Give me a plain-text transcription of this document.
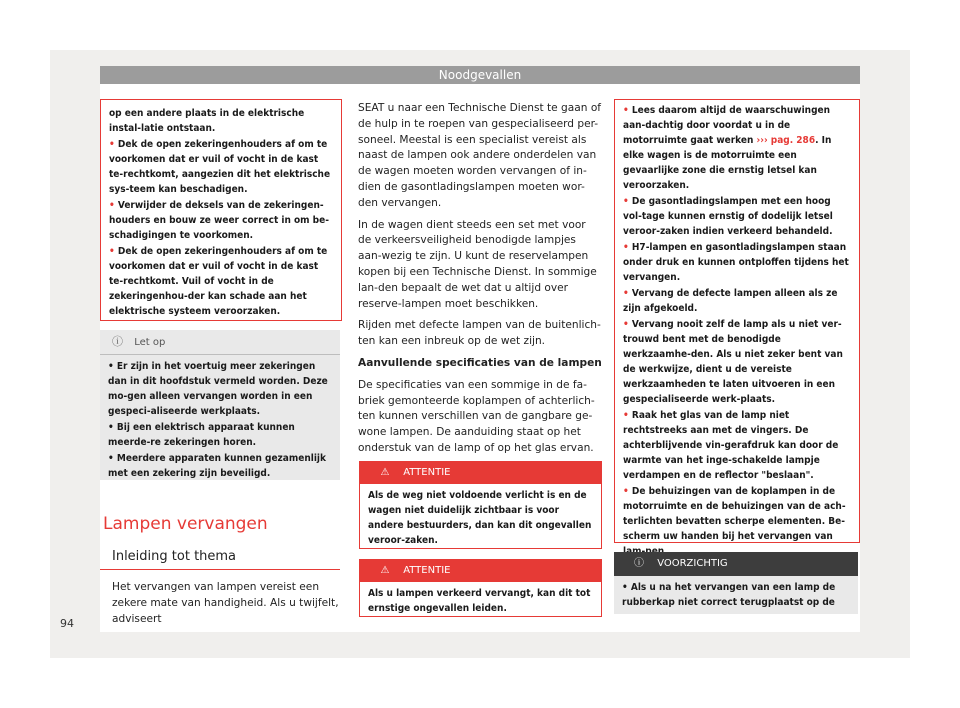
Noodgevallen

op een andere plaats in de elektrische instal-latie ontstaan.

• Dek de open zekeringenhouders af om te voorkomen dat er vuil of vocht in de kast te-rechtkomt, aangezien dit het elektrische sys-teem kan beschadigen.

• Verwijder de deksels van de zekeringen-houders en bouw ze weer correct in om be-schadigingen te voorkomen.

• Dek de open zekeringenhouders af om te voorkomen dat er vuil of vocht in de kast te-rechtkomt. Vuil of vocht in de zekeringenhou-der kan schade aan het elektrische systeem veroorzaken.

ⓘ Let op

• Er zijn in het voertuig meer zekeringen dan in dit hoofdstuk vermeld worden. Deze mo-gen alleen vervangen worden in een gespeci-aliseerde werkplaats.

• Bij een elektrisch apparaat kunnen meerde-re zekeringen horen.

• Meerdere apparaten kunnen gezamenlijk met een zekering zijn beveiligd.

Lampen vervangen
Inleiding tot thema

Het vervangen van lampen vereist een zekere mate van handigheid. Als u twijfelt, adviseert

SEAT u naar een Technische Dienst te gaan of de hulp in te roepen van gespecialiseerd per-soneel. Meestal is een specialist vereist als naast de lampen ook andere onderdelen van de wagen moeten worden vervangen of in-dien de gasontladingslampen moeten wor-den vervangen.

In de wagen dient steeds een set met voor de verkeersveiligheid benodigde lampjes aan-wezig te zijn. U kunt de reservelampen kopen bij een Technische Dienst. In sommige lan-den bepaalt de wet dat u altijd over reserve-lampen moet beschikken.

Rijden met defecte lampen van de buitenlich-ten kan een inbreuk op de wet zijn.

Aanvullende specificaties van de lampen

De specificaties van een sommige in de fa-briek gemonteerde koplampen of achterlich-ten kunnen verschillen van de gangbare ge-wone lampen. De aanduiding staat op het onderstuk van de lamp of op het glas ervan.

⚠ ATTENTIE

Als de weg niet voldoende verlicht is en de wagen niet duidelijk zichtbaar is voor andere bestuurders, dan kan dit ongevallen veroor-zaken.

⚠ ATTENTIE

Als u lampen verkeerd vervangt, kan dit tot ernstige ongevallen leiden.

• Lees daarom altijd de waarschuwingen aan-dachtig door voordat u in de motorruimte gaat werken ››› pag. 286. In elke wagen is de motorruimte een gevaarlijke zone die ernstig letsel kan veroorzaken.

• De gasontladingslampen met een hoog vol-tage kunnen ernstig of dodelijk letsel veroor-zaken indien verkeerd behandeld.

• H7-lampen en gasontladingslampen staan onder druk en kunnen ontploffen tijdens het vervangen.

• Vervang de defecte lampen alleen als ze zijn afgekoeld.

• Vervang nooit zelf de lamp als u niet ver-trouwd bent met de benodigde werkzaamhe-den. Als u niet zeker bent van de werkwijze, dient u de vereiste werkzaamheden te laten uitvoeren in een gespecialiseerde werk-plaats.

• Raak het glas van de lamp niet rechtstreeks aan met de vingers. De achterblijvende vin-gerafdruk kan door de warmte van het inge-schakelde lampje verdampen en de reflector "beslaan".

• De behuizingen van de koplampen in de motorruimte en de behuizingen van de ach-terlichten bevatten scherpe elementen. Be-scherm uw handen bij het vervangen van

ⓘ VOORZICHTIG

• Als u na het vervangen van een lamp de rubberkap niet correct terugplaatst op de

94
